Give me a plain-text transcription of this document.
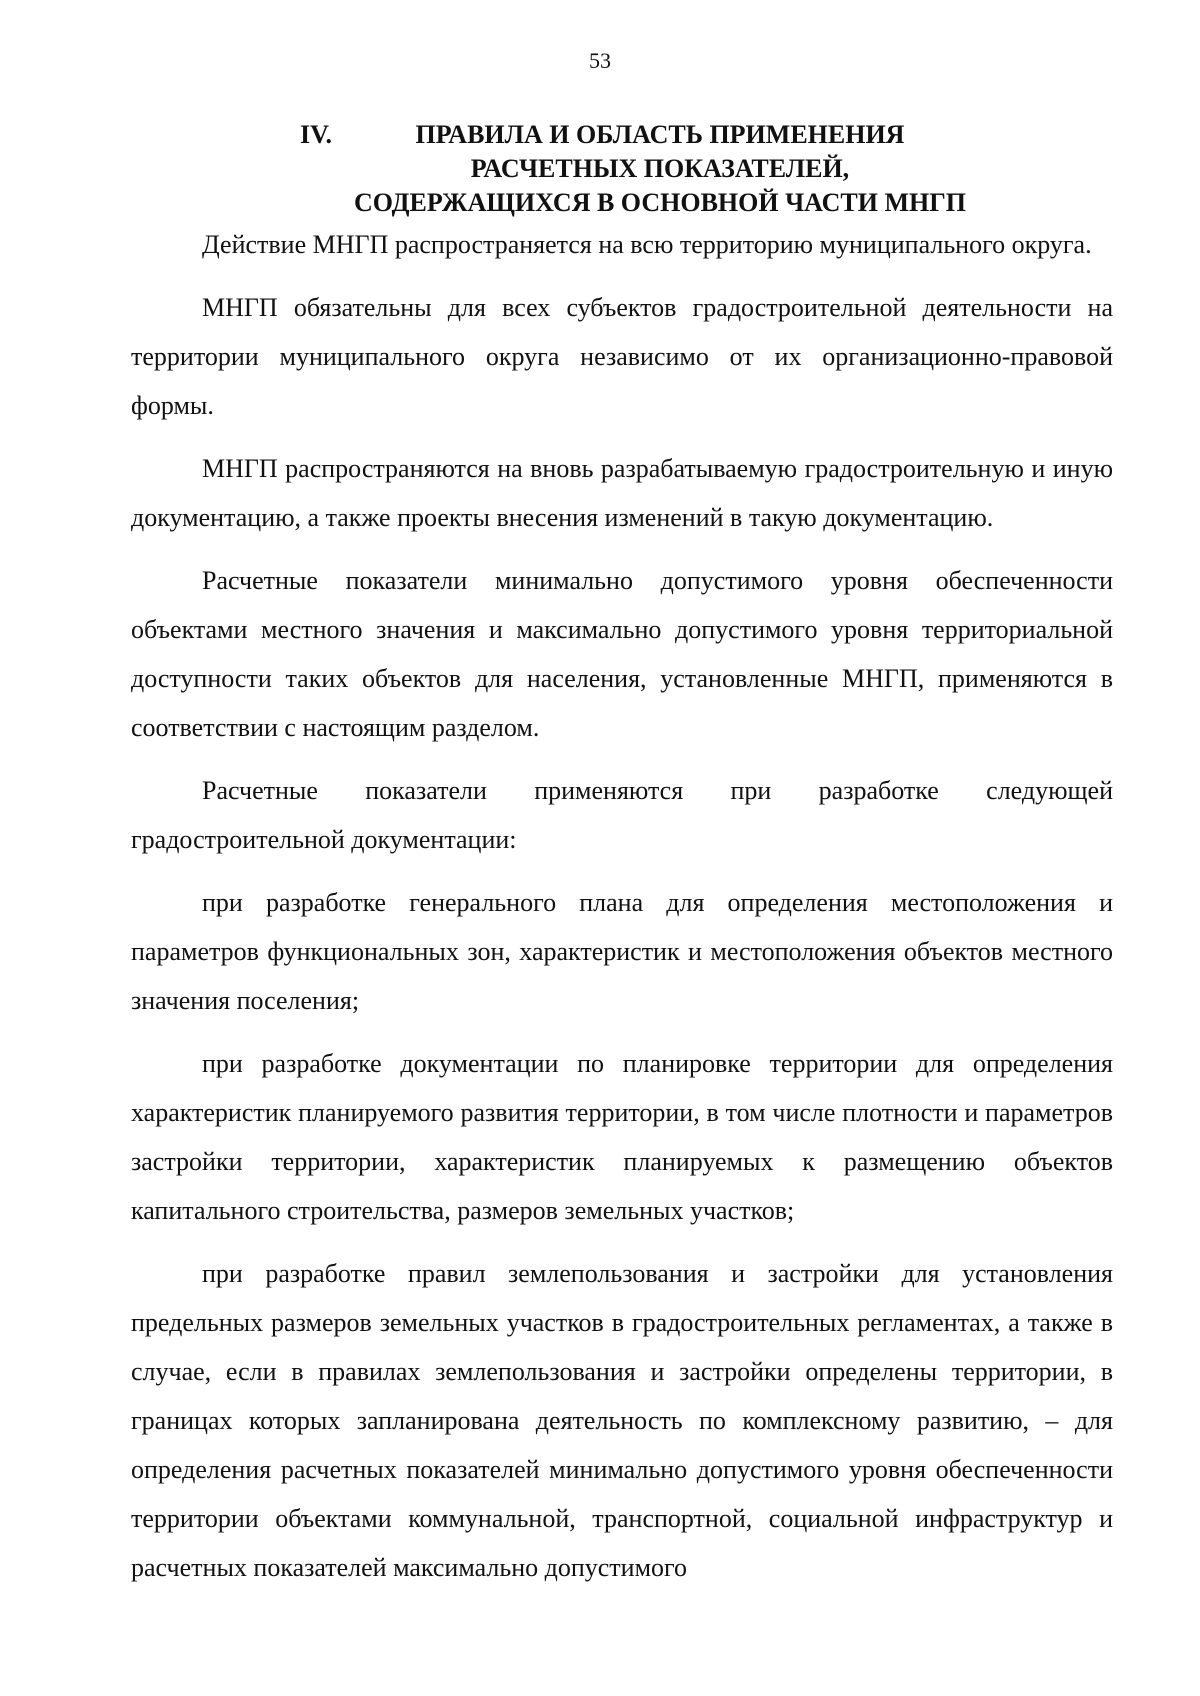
53
IV.	ПРАВИЛА И ОБЛАСТЬ ПРИМЕНЕНИЯ
РАСЧЕТНЫХ ПОКАЗАТЕЛЕЙ,
СОДЕРЖАЩИХСЯ В ОСНОВНОЙ ЧАСТИ МНГП

Действие МНГП распространяется на всю территорию муниципального округа.

МНГП обязательны для всех субъектов градостроительной деятельности на территории муниципального округа независимо от их организационно-правовой формы.

МНГП распространяются на вновь разрабатываемую градостроительную и иную документацию, а также проекты внесения изменений в такую документацию.

Расчетные показатели минимально допустимого уровня обеспеченности объектами местного значения и максимально допустимого уровня территориальной доступности таких объектов для населения, установленные МНГП, применяются в соответствии с настоящим разделом.

Расчетные показатели применяются при разработке следующей градостроительной документации:

при разработке генерального плана для определения местоположения и параметров функциональных зон, характеристик и местоположения объектов местного значения поселения;

при разработке документации по планировке территории для определения характеристик планируемого развития территории, в том числе плотности и параметров застройки территории, характеристик планируемых к размещению объектов капитального строительства, размеров земельных участков;

при разработке правил землепользования и застройки для установления предельных размеров земельных участков в градостроительных регламентах, а также в случае, если в правилах землепользования и застройки определены территории, в границах которых запланирована деятельность по комплексному развитию, – для определения расчетных показателей минимально допустимого уровня обеспеченности территории объектами коммунальной, транспортной, социальной инфраструктур и расчетных показателей максимально допустимого
